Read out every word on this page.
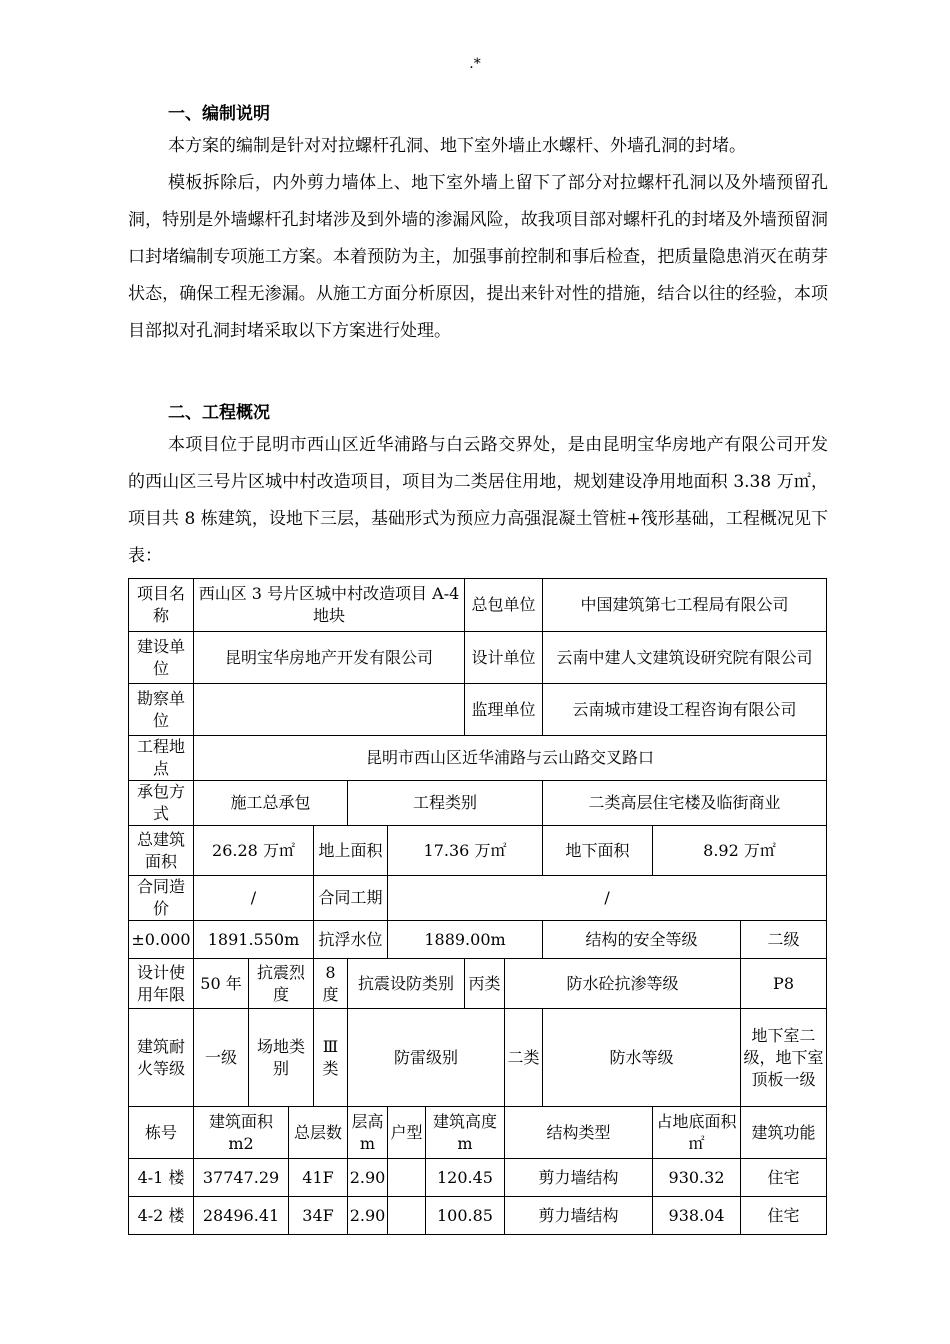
.*
一、编制说明

本方案的编制是针对对拉螺杆孔洞、地下室外墙止水螺杆、外墙孔洞的封堵。

模板拆除后，内外剪力墙体上、地下室外墙上留下了部分对拉螺杆孔洞以及外墙预留孔洞，特别是外墙螺杆孔封堵涉及到外墙的渗漏风险，故我项目部对螺杆孔的封堵及外墙预留洞口封堵编制专项施工方案。本着预防为主，加强事前控制和事后检查，把质量隐患消灭在萌芽状态，确保工程无渗漏。从施工方面分析原因，提出来针对性的措施，结合以往的经验，本项目部拟对孔洞封堵采取以下方案进行处理。

二、工程概况

本项目位于昆明市西山区近华浦路与白云路交界处，是由昆明宝华房地产有限公司开发的西山区三号片区城中村改造项目，项目为二类居住用地，规划建设净用地面积 3.38 万㎡，项目共 8 栋建筑，设地下三层，基础形式为预应力高强混凝土管桩+筏形基础，工程概况见下表：

项目名称	西山区 3 号片区城中村改造项目 A-4 地块							总包单位		中国建筑第七工程局有限公司		
建设单位	昆明宝华房地产开发有限公司							设计单位		云南中建人文建筑设研究院有限公司		
勘察单位								监理单位		云南城市建设工程咨询有限公司		
工程地点	昆明市西山区近华浦路与云山路交叉路口											
承包方式	施工总承包				工程类别					二类高层住宅楼及临街商业		
总建筑面积	26.28 万㎡			地上面积		17.36 万㎡				地下面积	8.92 万㎡	
合同造价	/			合同工期		/						
±0.000	1891.550m			抗浮水位		1889.00m				结构的安全等级		二级
设计使用年限	50 年	抗震烈度		8 度	抗震设防类别			丙类	防水砼抗渗等级			P8
建筑耐火等级	一级	场地类别		Ⅲ类	防雷级别				二类	防水等级		地下室二级，地下室顶板一级
栋号	建筑面积 m2		总层数		层高m	户型	建筑高度 m		结构类型		占地底面积㎡	建筑功能
4-1 楼	37747.29		41F		2.90		120.45		剪力墙结构		930.32	住宅
4-2 楼	28496.41		34F		2.90		100.85		剪力墙结构		938.04	住宅
